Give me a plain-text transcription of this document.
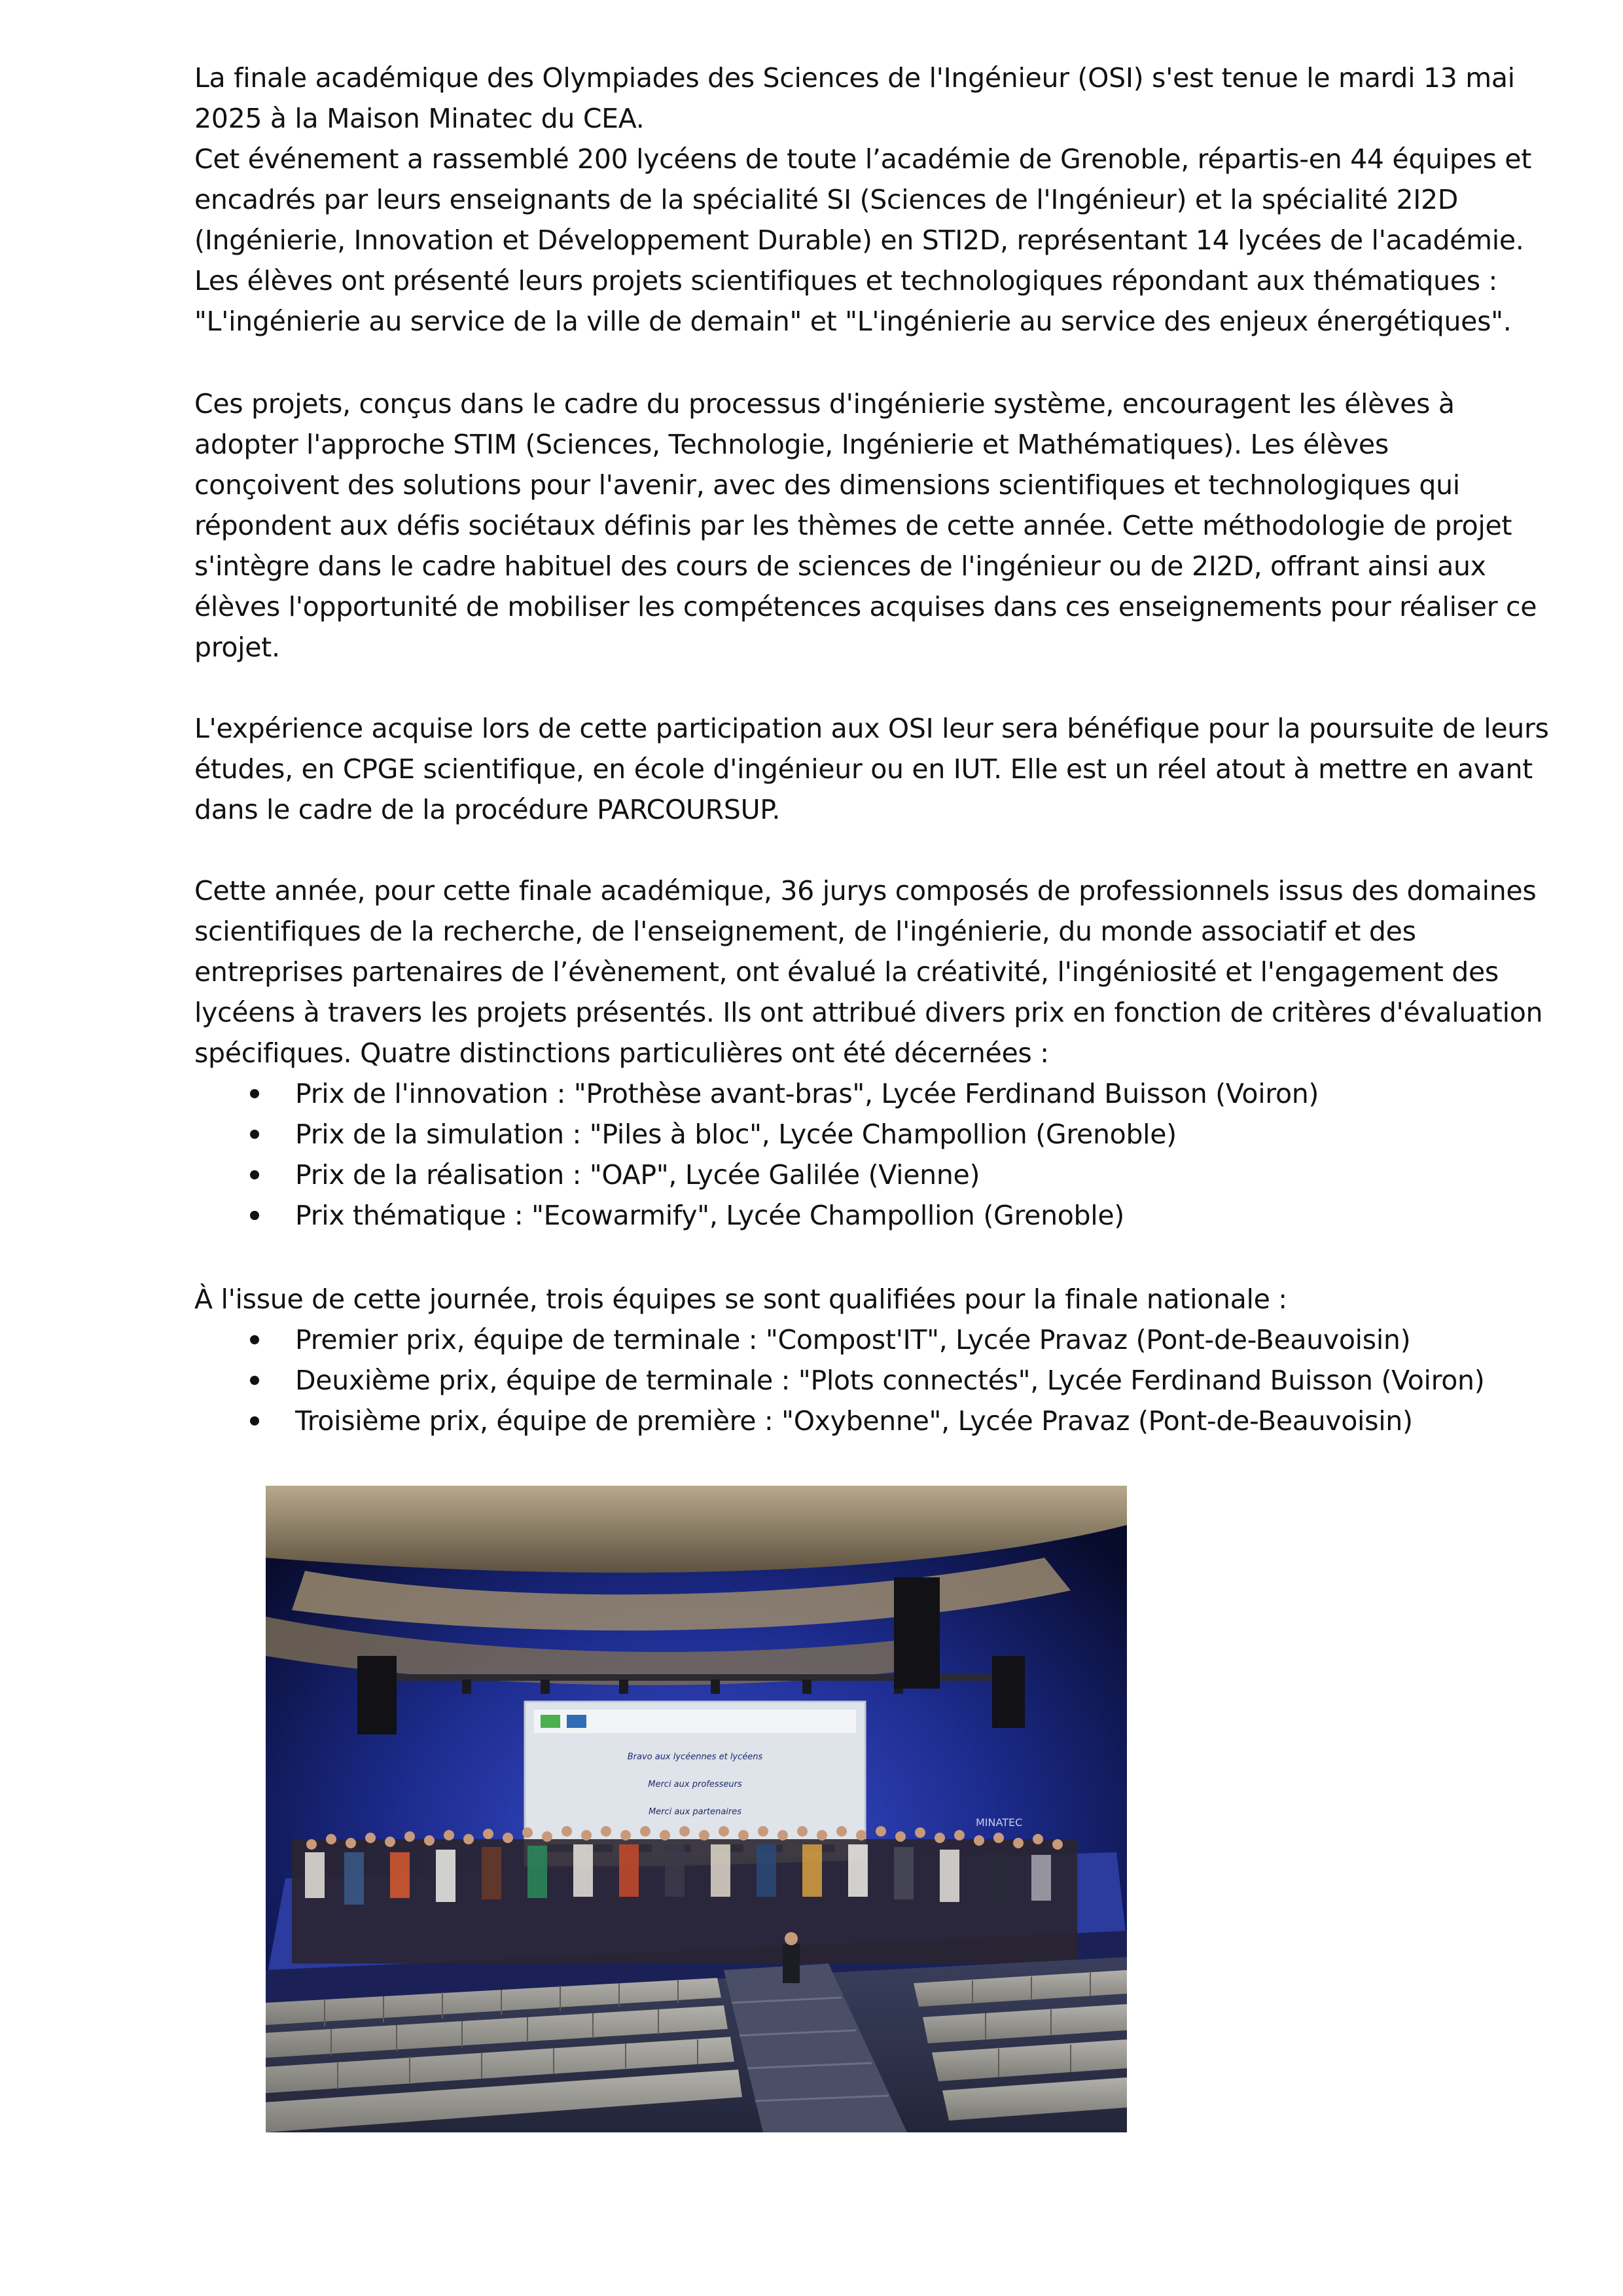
La finale académique des Olympiades des Sciences de l'Ingénieur (OSI) s'est tenue le mardi 13 mai

2025 à la Maison Minatec du CEA.

Cet événement a rassemblé 200 lycéens de toute l’académie de Grenoble, répartis-en 44 équipes et

encadrés par leurs enseignants de la spécialité SI (Sciences de l'Ingénieur) et la spécialité 2I2D

(Ingénierie, Innovation et Développement Durable) en STI2D, représentant 14 lycées de l'académie.

Les élèves ont présenté leurs projets scientifiques et technologiques répondant aux thématiques :

"L'ingénierie au service de la ville de demain" et "L'ingénierie au service des enjeux énergétiques".

Ces projets, conçus dans le cadre du processus d'ingénierie système, encouragent les élèves à

adopter l'approche STIM (Sciences, Technologie, Ingénierie et Mathématiques). Les élèves

conçoivent des solutions pour l'avenir, avec des dimensions scientifiques et technologiques qui

répondent aux défis sociétaux définis par les thèmes de cette année. Cette méthodologie de projet

s'intègre dans le cadre habituel des cours de sciences de l'ingénieur ou de 2I2D, offrant ainsi aux

élèves l'opportunité de mobiliser les compétences acquises dans ces enseignements pour réaliser ce

projet.

L'expérience acquise lors de cette participation aux OSI leur sera bénéfique pour la poursuite de leurs

études, en CPGE scientifique, en école d'ingénieur ou en IUT. Elle est un réel atout à mettre en avant

dans le cadre de la procédure PARCOURSUP.

Cette année, pour cette finale académique, 36 jurys composés de professionnels issus des domaines

scientifiques de la recherche, de l'enseignement, de l'ingénierie, du monde associatif et des

entreprises partenaires de l’évènement, ont évalué la créativité, l'ingéniosité et l'engagement des

lycéens à travers les projets présentés. Ils ont attribué divers prix en fonction de critères d'évaluation

spécifiques. Quatre distinctions particulières ont été décernées :

Prix de l'innovation : "Prothèse avant-bras", Lycée Ferdinand Buisson (Voiron)
Prix de la simulation : "Piles à bloc", Lycée Champollion (Grenoble)
Prix de la réalisation : "OAP", Lycée Galilée (Vienne)
Prix thématique : "Ecowarmify", Lycée Champollion (Grenoble)

À l'issue de cette journée, trois équipes se sont qualifiées pour la finale nationale :

Premier prix, équipe de terminale : "Compost'IT", Lycée Pravaz (Pont-de-Beauvoisin)
Deuxième prix, équipe de terminale : "Plots connectés", Lycée Ferdinand Buisson (Voiron)
Troisième prix, équipe de première : "Oxybenne", Lycée Pravaz (Pont-de-Beauvoisin)
Bravo aux lycéennes et lycéens
Merci aux professeurs
Merci aux partenaires
MINATEC
